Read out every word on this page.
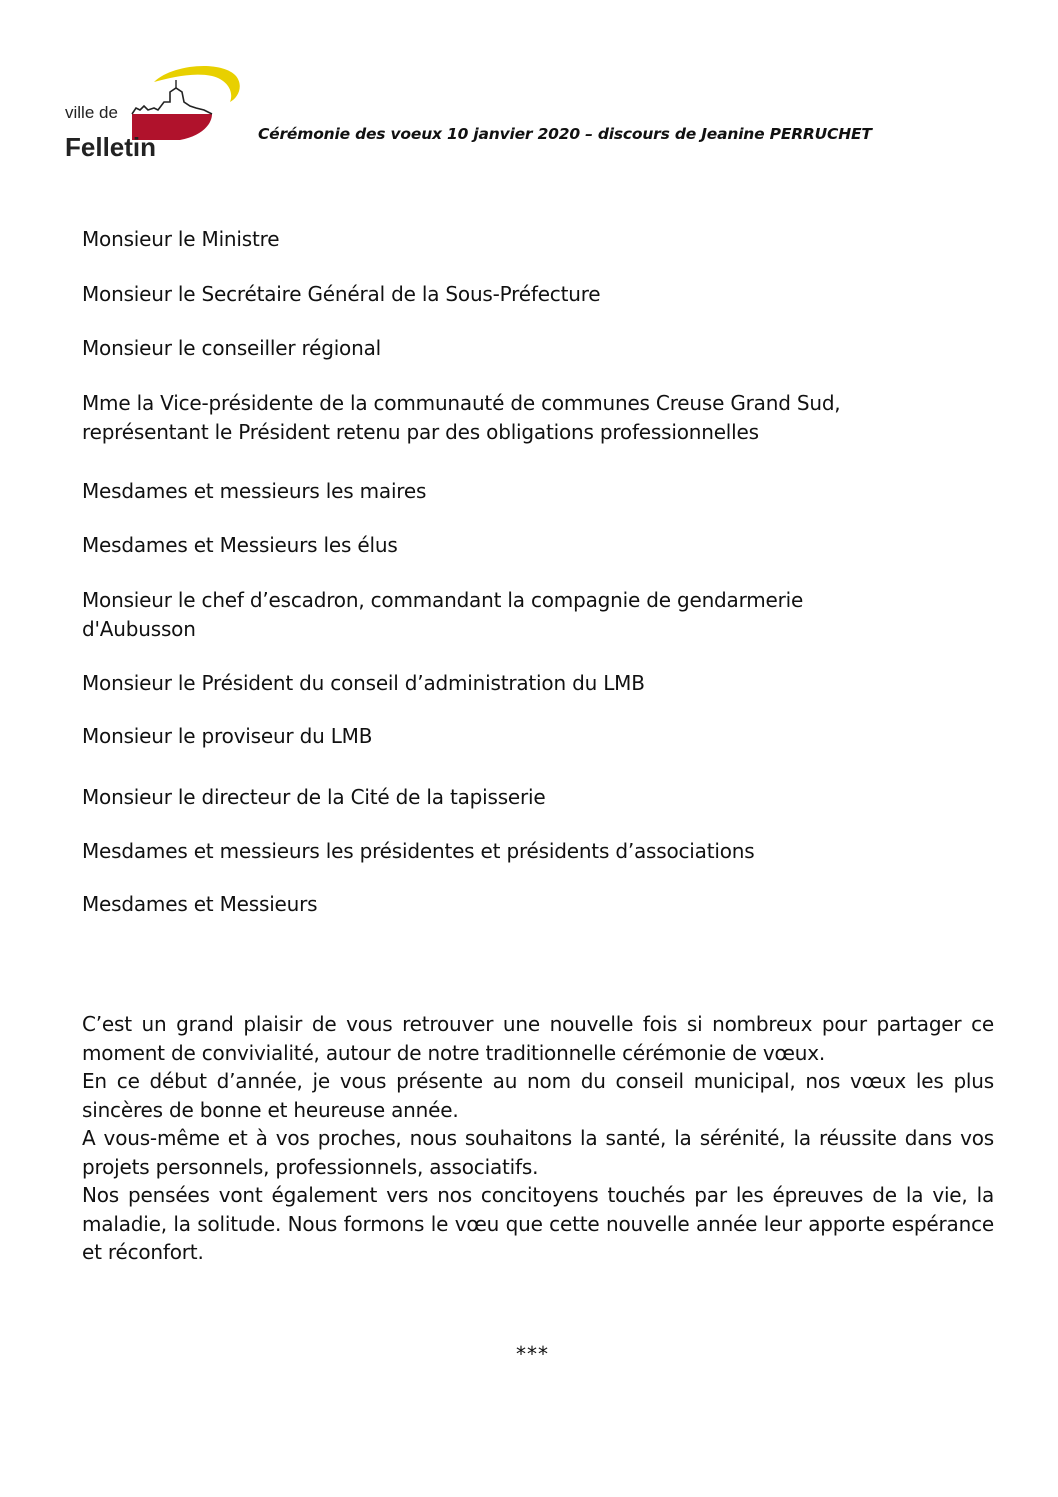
ville de
Felletin	Cérémonie des voeux 10 janvier 2020 – discours de Jeanine PERRUCHET
Monsieur le Ministre
Monsieur le Secrétaire Général de la Sous-Préfecture
Monsieur le conseiller régional
Mme la Vice-présidente de la communauté de communes Creuse Grand Sud,
représentant le Président retenu par des obligations professionnelles
Mesdames et messieurs les maires
Mesdames et Messieurs les élus
Monsieur le chef d’escadron, commandant la compagnie de gendarmerie
d'Aubusson
Monsieur le Président du conseil d’administration du LMB
Monsieur le proviseur du LMB
Monsieur le directeur de la Cité de la tapisserie
Mesdames et messieurs les présidentes et présidents d’associations
Mesdames et Messieurs

C’est un grand plaisir de vous retrouver une nouvelle fois si nombreux pour partager ce moment de convivialité, autour de notre traditionnelle cérémonie de vœux.

En ce début d’année, je vous présente au nom du conseil municipal, nos vœux les plus sincères de bonne et heureuse année.

A vous-même et à vos proches, nous souhaitons la santé, la sérénité, la réussite dans vos projets personnels, professionnels, associatifs.

Nos pensées vont également vers nos concitoyens touchés par les épreuves de la vie, la maladie, la solitude. Nous formons le vœu que cette nouvelle année leur apporte espérance et réconfort.

***
